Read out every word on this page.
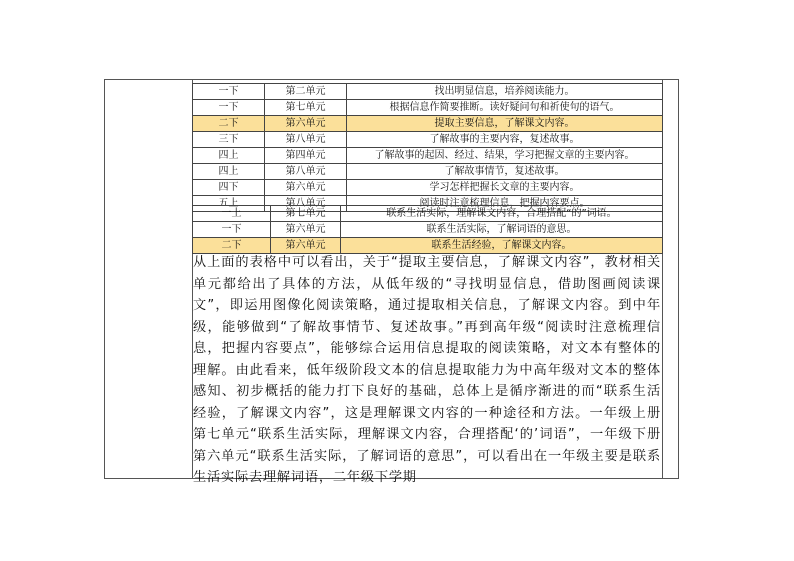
一下	第二单元	找出明显信息，培养阅读能力。
一下	第七单元	根据信息作简要推断。读好疑问句和祈使句的语气。
二下	第六单元	提取主要信息，了解课文内容。
三下	第八单元	了解故事的主要内容，复述故事。
四上	第四单元	了解故事的起因、经过、结果，学习把握文章的主要内容。
四上	第八单元	了解故事情节，复述故事。
四下	第六单元	学习怎样把握长文章的主要内容。
五上	第八单元	阅读时注意梳理信息，把握内容要点。
一上	第七单元	联系生活实际，理解课文内容，合理搭配“的”词语。
一下	第六单元	联系生活实际，了解词语的意思。
二下	第六单元	联系生活经验，了解课文内容。
从上面的表格中可以看出，关于“提取主要信息，了解课文内容”，教材相关单元都给出了具体的方法，从低年级的“寻找明显信息，借助图画阅读课文”，即运用图像化阅读策略，通过提取相关信息，了解课文内容。到中年级，能够做到“了解故事情节、复述故事。”再到高年级“阅读时注意梳理信息，把握内容要点”，能够综合运用信息提取的阅读策略，对文本有整体的理解。由此看来，低年级阶段文本的信息提取能力为中高年级对文本的整体感知、初步概括的能力打下良好的基础，总体上是循序渐进的而“联系生活经验，了解课文内容”，这是理解课文内容的一种途径和方法。一年级上册第七单元“联系生活实际，理解课文内容，合理搭配‘的’词语”，一年级下册第六单元“联系生活实际，了解词语的意思”，可以看出在一年级主要是联系生活实际去理解词语，二年级下学期
